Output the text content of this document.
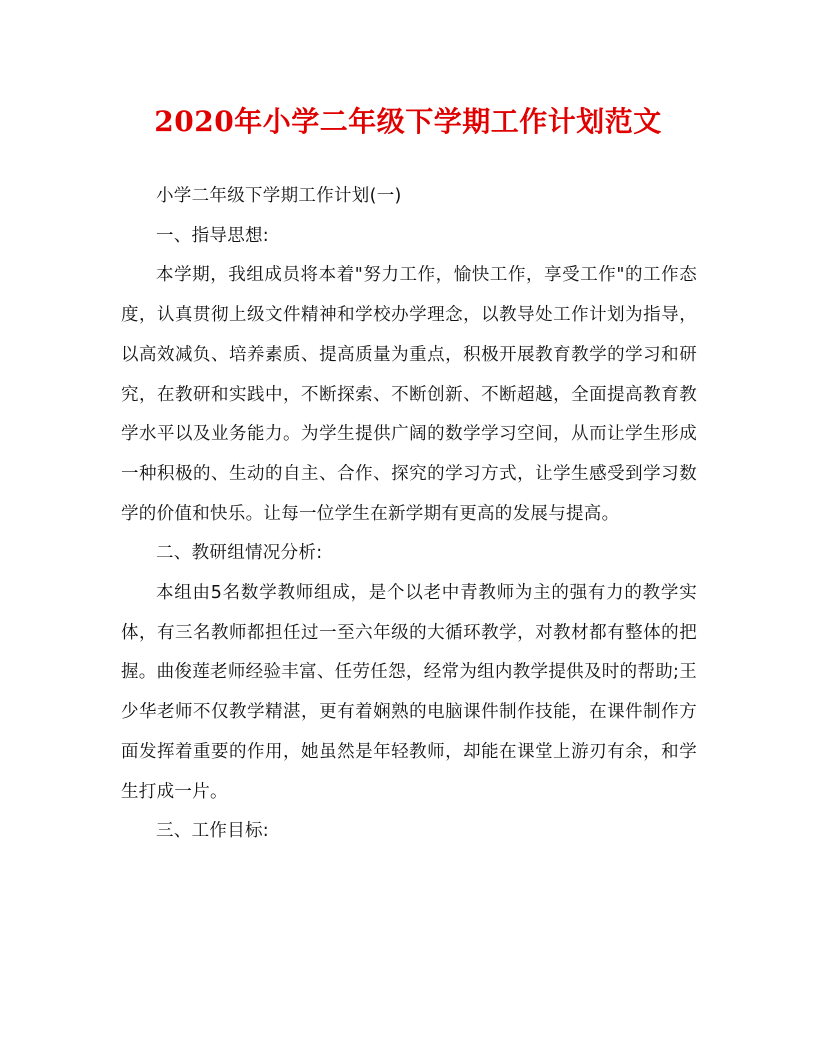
2020年小学二年级下学期工作计划范文

小学二年级下学期工作计划(一)

一、指导思想:

本学期，我组成员将本着"努力工作，愉快工作，享受工作"的工作态度，认真贯彻上级文件精神和学校办学理念，以教导处工作计划为指导，以高效减负、培养素质、提高质量为重点，积极开展教育教学的学习和研究，在教研和实践中，不断探索、不断创新、不断超越，全面提高教育教学水平以及业务能力。为学生提供广阔的数学学习空间，从而让学生形成一种积极的、生动的自主、合作、探究的学习方式，让学生感受到学习数学的价值和快乐。让每一位学生在新学期有更高的发展与提高。

二、教研组情况分析:

本组由5名数学教师组成，是个以老中青教师为主的强有力的教学实体，有三名教师都担任过一至六年级的大循环教学，对教材都有整体的把握。曲俊莲老师经验丰富、任劳任怨，经常为组内教学提供及时的帮助;王少华老师不仅教学精湛，更有着娴熟的电脑课件制作技能，在课件制作方面发挥着重要的作用，她虽然是年轻教师，却能在课堂上游刃有余，和学生打成一片。

三、工作目标:
